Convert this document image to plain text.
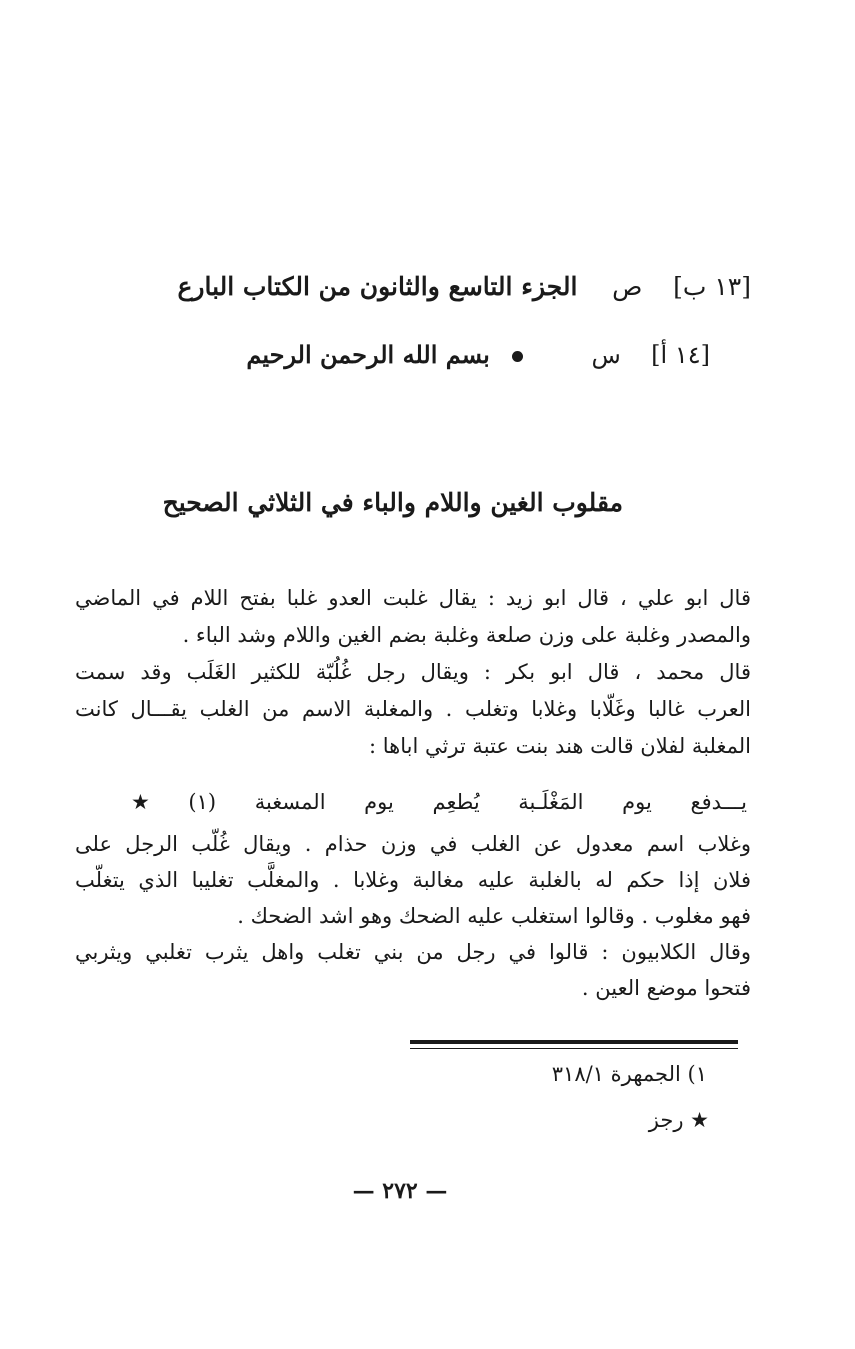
[١٣ ب] ص الجزء التاسع والثانون من الكتاب البارع
[١٤ أ] س  بسم الله الرحمن الرحيم
مقلوب الغين واللام والباء في الثلاثي الصحيح
قال ابو علي ، قال ابو زيد : يقال غلبت العدو غلبا بفتح اللام في الماضي
والمصدر وغلبة على وزن صلعة وغلبة بضم الغين واللام وشد الباء .
قال محمد ، قال ابو بكر : ويقال رجل غُلُبّة للكثير الغَلَب وقد سمت
العرب غالبا وغَلّابا وغلابا وتغلب . والمغلبة الاسم من الغلب يقـــال كانت
المغلبة لفلان قالت هند بنت عتبة ترثي اباها :
يـــدفع يوم المَغْلَـبة يُطعِم يوم المسغبة (١) ★
وغلاب اسم معدول عن الغلب في وزن حذام . ويقال غُلّب الرجل على
فلان إذا حكم له بالغلبة عليه مغالبة وغلابا . والمغلَّب تغليبا الذي يتغلّب
فهو مغلوب . وقالوا استغلب عليه الضحك وهو اشد الضحك .
وقال الكلابيون : قالوا في رجل من بني تغلب واهل يثرب تغلبي ويثربي
فتحوا موضع العين .
١) الجمهرة ٣١٨/١
★ رجز
— ٢٧٢ —
